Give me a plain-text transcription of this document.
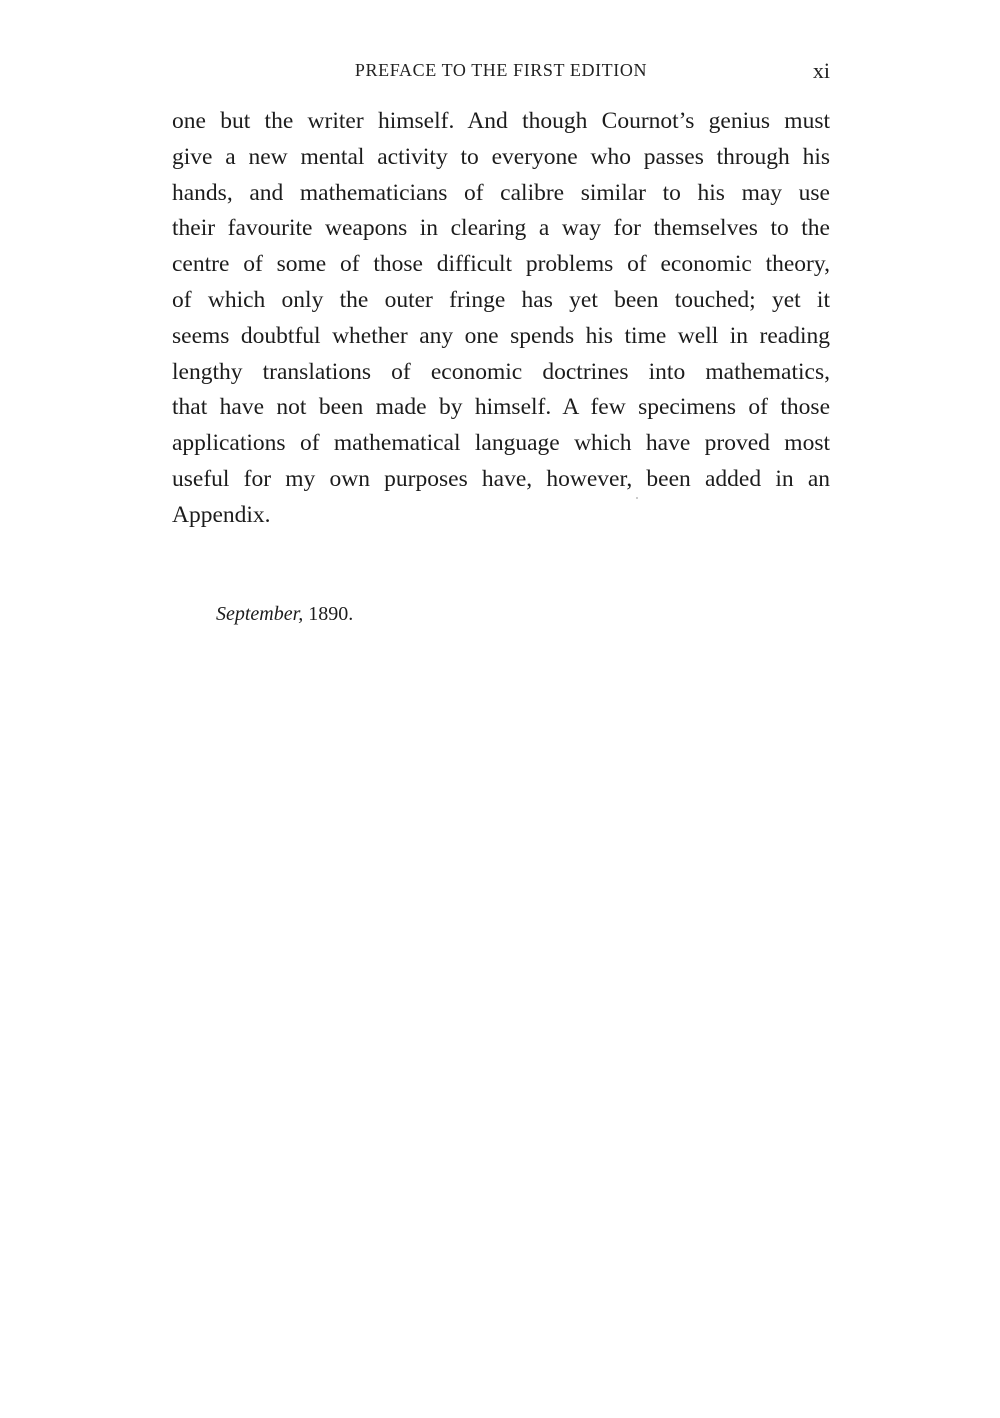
PREFACE TO THE FIRST EDITION	xi
one but the writer himself. And though Cournot’s genius must
give a new mental activity to everyone who passes through his
hands, and mathematicians of calibre similar to his may use
their favourite weapons in clearing a way for themselves to the
centre of some of those difficult problems of economic theory,
of which only the outer fringe has yet been touched; yet it
seems doubtful whether any one spends his time well in reading
lengthy translations of economic doctrines into mathematics,
that have not been made by himself. A few specimens of those
applications of mathematical language which have proved most
useful for my own purposes have, however, been added in an
Appendix.
September, 1890.
